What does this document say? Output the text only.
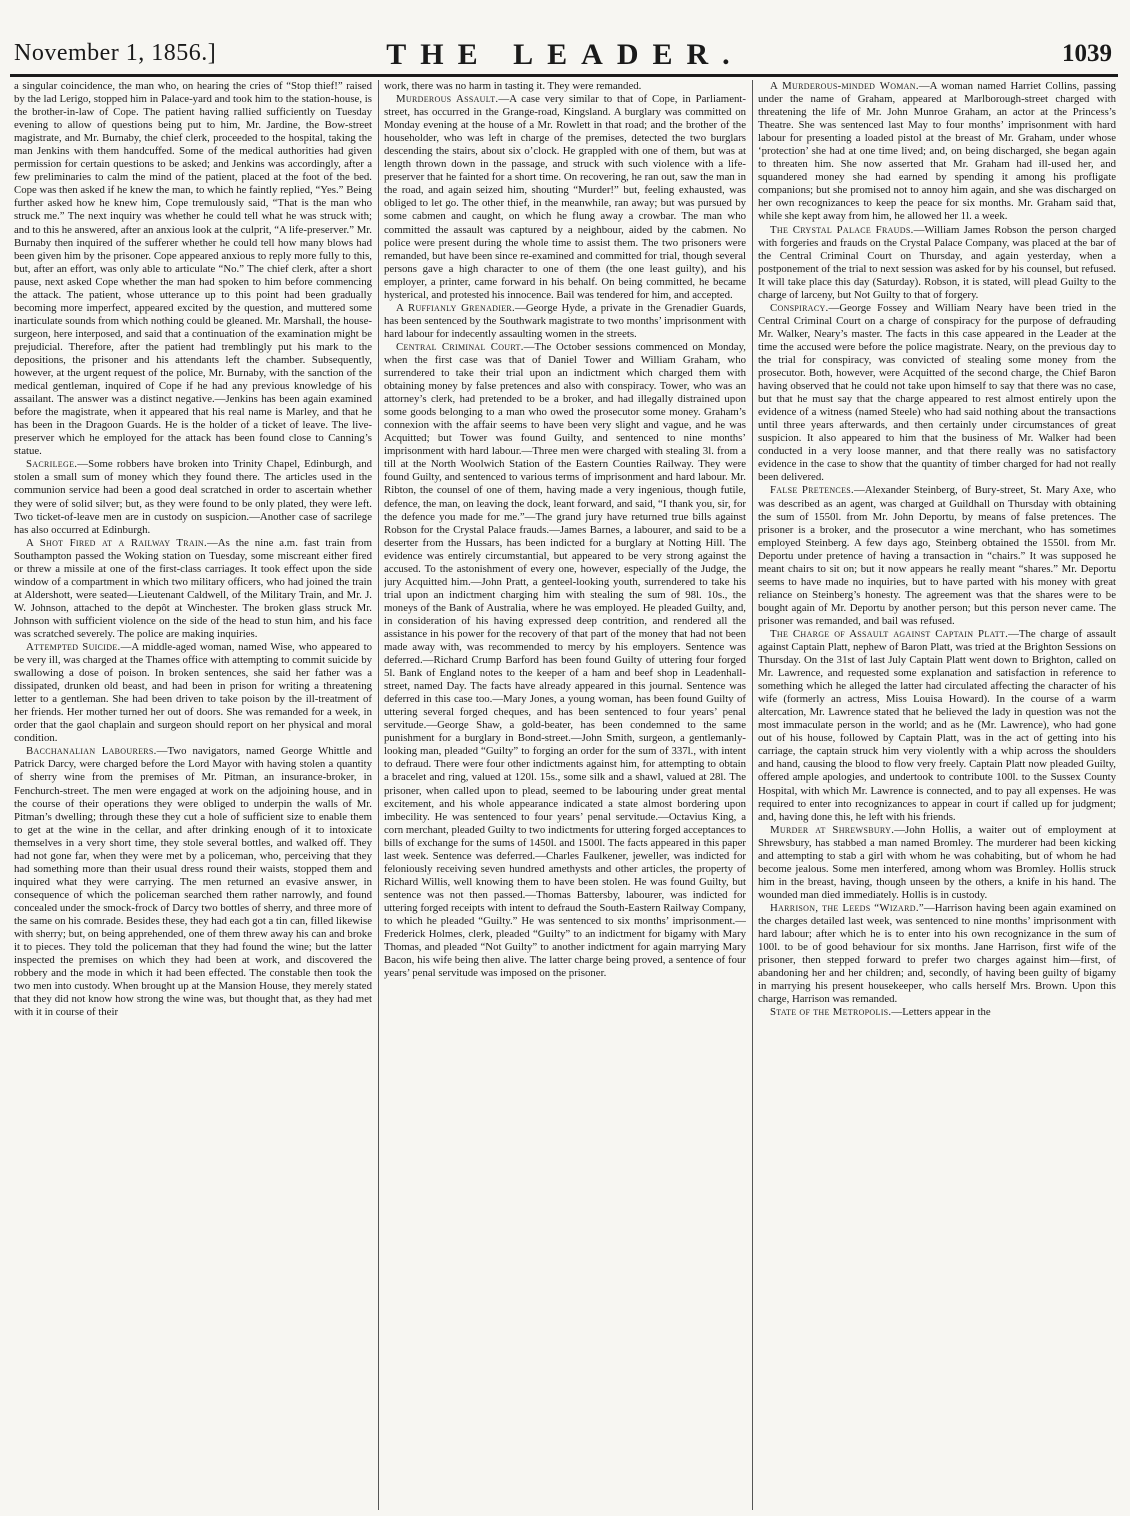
November 1, 1856.]	THE LEADER.	1039

a singular coincidence, the man who, on hearing the cries of “Stop thief!” raised by the lad Lerigo, stopped him in Palace-yard and took him to the station-house, is the brother-in-law of Cope. The patient having rallied sufficiently on Tuesday evening to allow of questions being put to him, Mr. Jardine, the Bow-street magistrate, and Mr. Burnaby, the chief clerk, proceeded to the hospital, taking the man Jenkins with them handcuffed. Some of the medical authorities had given permission for certain questions to be asked; and Jenkins was accordingly, after a few preliminaries to calm the mind of the patient, placed at the foot of the bed. Cope was then asked if he knew the man, to which he faintly replied, “Yes.” Being further asked how he knew him, Cope tremulously said, “That is the man who struck me.” The next inquiry was whether he could tell what he was struck with; and to this he answered, after an anxious look at the culprit, “A life-preserver.” Mr. Burnaby then inquired of the sufferer whether he could tell how many blows had been given him by the prisoner. Cope appeared anxious to reply more fully to this, but, after an effort, was only able to articulate “No.” The chief clerk, after a short pause, next asked Cope whether the man had spoken to him before commencing the attack. The patient, whose utterance up to this point had been gradually becoming more imperfect, appeared excited by the question, and muttered some inarticulate sounds from which nothing could be gleaned. Mr. Marshall, the house-surgeon, here interposed, and said that a continuation of the examination might be prejudicial. Therefore, after the patient had tremblingly put his mark to the depositions, the prisoner and his attendants left the chamber. Subsequently, however, at the urgent request of the police, Mr. Burnaby, with the sanction of the medical gentleman, inquired of Cope if he had any previous knowledge of his assailant. The answer was a distinct negative.—Jenkins has been again examined before the magistrate, when it appeared that his real name is Marley, and that he has been in the Dragoon Guards. He is the holder of a ticket of leave. The live-preserver which he employed for the attack has been found close to Canning’s statue.

Sacrilege.—Some robbers have broken into Trinity Chapel, Edinburgh, and stolen a small sum of money which they found there. The articles used in the communion service had been a good deal scratched in order to ascertain whether they were of solid silver; but, as they were found to be only plated, they were left. Two ticket-of-leave men are in custody on suspicion.—Another case of sacrilege has also occurred at Edinburgh.

A Shot Fired at a Railway Train.—As the nine a.m. fast train from Southampton passed the Woking station on Tuesday, some miscreant either fired or threw a missile at one of the first-class carriages. It took effect upon the side window of a compartment in which two military officers, who had joined the train at Aldershott, were seated—Lieutenant Caldwell, of the Military Train, and Mr. J. W. Johnson, attached to the depôt at Winchester. The broken glass struck Mr. Johnson with sufficient violence on the side of the head to stun him, and his face was scratched severely. The police are making inquiries.

Attempted Suicide.—A middle-aged woman, named Wise, who appeared to be very ill, was charged at the Thames office with attempting to commit suicide by swallowing a dose of poison. In broken sentences, she said her father was a dissipated, drunken old beast, and had been in prison for writing a threatening letter to a gentleman. She had been driven to take poison by the ill-treatment of her friends. Her mother turned her out of doors. She was remanded for a week, in order that the gaol chaplain and surgeon should report on her physical and moral condition.

Bacchanalian Labourers.—Two navigators, named George Whittle and Patrick Darcy, were charged before the Lord Mayor with having stolen a quantity of sherry wine from the premises of Mr. Pitman, an insurance-broker, in Fenchurch-street. The men were engaged at work on the adjoining house, and in the course of their operations they were obliged to underpin the walls of Mr. Pitman’s dwelling; through these they cut a hole of sufficient size to enable them to get at the wine in the cellar, and after drinking enough of it to intoxicate themselves in a very short time, they stole several bottles, and walked off. They had not gone far, when they were met by a policeman, who, perceiving that they had something more than their usual dress round their waists, stopped them and inquired what they were carrying. The men returned an evasive answer, in consequence of which the policeman searched them rather narrowly, and found concealed under the smock-frock of Darcy two bottles of sherry, and three more of the same on his comrade. Besides these, they had each got a tin can, filled likewise with sherry; but, on being apprehended, one of them threw away his can and broke it to pieces. They told the policeman that they had found the wine; but the latter inspected the premises on which they had been at work, and discovered the robbery and the mode in which it had been effected. The constable then took the two men into custody. When brought up at the Mansion House, they merely stated that they did not know how strong the wine was, but thought that, as they had met with it in course of their

work, there was no harm in tasting it. They were remanded.

Murderous Assault.—A case very similar to that of Cope, in Parliament-street, has occurred in the Grange-road, Kingsland. A burglary was committed on Monday evening at the house of a Mr. Rowlett in that road; and the brother of the householder, who was left in charge of the premises, detected the two burglars descending the stairs, about six o’clock. He grappled with one of them, but was at length thrown down in the passage, and struck with such violence with a life-preserver that he fainted for a short time. On recovering, he ran out, saw the man in the road, and again seized him, shouting “Murder!” but, feeling exhausted, was obliged to let go. The other thief, in the meanwhile, ran away; but was pursued by some cabmen and caught, on which he flung away a crowbar. The man who committed the assault was captured by a neighbour, aided by the cabmen. No police were present during the whole time to assist them. The two prisoners were remanded, but have been since re-examined and committed for trial, though several persons gave a high character to one of them (the one least guilty), and his employer, a printer, came forward in his behalf. On being committed, he became hysterical, and protested his innocence. Bail was tendered for him, and accepted.

A Ruffianly Grenadier.—George Hyde, a private in the Grenadier Guards, has been sentenced by the Southwark magistrate to two months’ imprisonment with hard labour for indecently assaulting women in the streets.

Central Criminal Court.—The October sessions commenced on Monday, when the first case was that of Daniel Tower and William Graham, who surrendered to take their trial upon an indictment which charged them with obtaining money by false pretences and also with conspiracy. Tower, who was an attorney’s clerk, had pretended to be a broker, and had illegally distrained upon some goods belonging to a man who owed the prosecutor some money. Graham’s connexion with the affair seems to have been very slight and vague, and he was Acquitted; but Tower was found Guilty, and sentenced to nine months’ imprisonment with hard labour.—Three men were charged with stealing 3l. from a till at the North Woolwich Station of the Eastern Counties Railway. They were found Guilty, and sentenced to various terms of imprisonment and hard labour. Mr. Ribton, the counsel of one of them, having made a very ingenious, though futile, defence, the man, on leaving the dock, leant forward, and said, “I thank you, sir, for the defence you made for me.”—The grand jury have returned true bills against Robson for the Crystal Palace frauds.—James Barnes, a labourer, and said to be a deserter from the Hussars, has been indicted for a burglary at Notting Hill. The evidence was entirely circumstantial, but appeared to be very strong against the accused. To the astonishment of every one, however, especially of the Judge, the jury Acquitted him.—John Pratt, a genteel-looking youth, surrendered to take his trial upon an indictment charging him with stealing the sum of 98l. 10s., the moneys of the Bank of Australia, where he was employed. He pleaded Guilty, and, in consideration of his having expressed deep contrition, and rendered all the assistance in his power for the recovery of that part of the money that had not been made away with, was recommended to mercy by his employers. Sentence was deferred.—Richard Crump Barford has been found Guilty of uttering four forged 5l. Bank of England notes to the keeper of a ham and beef shop in Leadenhall-street, named Day. The facts have already appeared in this journal. Sentence was deferred in this case too.—Mary Jones, a young woman, has been found Guilty of uttering several forged cheques, and has been sentenced to four years’ penal servitude.—George Shaw, a gold-beater, has been condemned to the same punishment for a burglary in Bond-street.—John Smith, surgeon, a gentlemanly-looking man, pleaded “Guilty” to forging an order for the sum of 337l., with intent to defraud. There were four other indictments against him, for attempting to obtain a bracelet and ring, valued at 120l. 15s., some silk and a shawl, valued at 28l. The prisoner, when called upon to plead, seemed to be labouring under great mental excitement, and his whole appearance indicated a state almost bordering upon imbecility. He was sentenced to four years’ penal servitude.—Octavius King, a corn merchant, pleaded Guilty to two indictments for uttering forged acceptances to bills of exchange for the sums of 1450l. and 1500l. The facts appeared in this paper last week. Sentence was deferred.—Charles Faulkener, jeweller, was indicted for feloniously receiving seven hundred amethysts and other articles, the property of Richard Willis, well knowing them to have been stolen. He was found Guilty, but sentence was not then passed.—Thomas Battersby, labourer, was indicted for uttering forged receipts with intent to defraud the South-Eastern Railway Company, to which he pleaded “Guilty.” He was sentenced to six months’ imprisonment.—Frederick Holmes, clerk, pleaded “Guilty” to an indictment for bigamy with Mary Thomas, and pleaded “Not Guilty” to another indictment for again marrying Mary Bacon, his wife being then alive. The latter charge being proved, a sentence of four years’ penal servitude was imposed on the prisoner.

A Murderous-minded Woman.—A woman named Harriet Collins, passing under the name of Graham, appeared at Marlborough-street charged with threatening the life of Mr. John Munroe Graham, an actor at the Princess’s Theatre. She was sentenced last May to four months’ imprisonment with hard labour for presenting a loaded pistol at the breast of Mr. Graham, under whose ‘protection’ she had at one time lived; and, on being discharged, she began again to threaten him. She now asserted that Mr. Graham had ill-used her, and squandered money she had earned by spending it among his profligate companions; but she promised not to annoy him again, and she was discharged on her own recognizances to keep the peace for six months. Mr. Graham said that, while she kept away from him, he allowed her 1l. a week.

The Crystal Palace Frauds.—William James Robson the person charged with forgeries and frauds on the Crystal Palace Company, was placed at the bar of the Central Criminal Court on Thursday, and again yesterday, when a postponement of the trial to next session was asked for by his counsel, but refused. It will take place this day (Saturday). Robson, it is stated, will plead Guilty to the charge of larceny, but Not Guilty to that of forgery.

Conspiracy.—George Fossey and William Neary have been tried in the Central Criminal Court on a charge of conspiracy for the purpose of defrauding Mr. Walker, Neary’s master. The facts in this case appeared in the Leader at the time the accused were before the police magistrate. Neary, on the previous day to the trial for conspiracy, was convicted of stealing some money from the prosecutor. Both, however, were Acquitted of the second charge, the Chief Baron having observed that he could not take upon himself to say that there was no case, but that he must say that the charge appeared to rest almost entirely upon the evidence of a witness (named Steele) who had said nothing about the transactions until three years afterwards, and then certainly under circumstances of great suspicion. It also appeared to him that the business of Mr. Walker had been conducted in a very loose manner, and that there really was no satisfactory evidence in the case to show that the quantity of timber charged for had not really been delivered.

False Pretences.—Alexander Steinberg, of Bury-street, St. Mary Axe, who was described as an agent, was charged at Guildhall on Thursday with obtaining the sum of 1550l. from Mr. John Deportu, by means of false pretences. The prisoner is a broker, and the prosecutor a wine merchant, who has sometimes employed Steinberg. A few days ago, Steinberg obtained the 1550l. from Mr. Deportu under pretence of having a transaction in “chairs.” It was supposed he meant chairs to sit on; but it now appears he really meant “shares.” Mr. Deportu seems to have made no inquiries, but to have parted with his money with great reliance on Steinberg’s honesty. The agreement was that the shares were to be bought again of Mr. Deportu by another person; but this person never came. The prisoner was remanded, and bail was refused.

The Charge of Assault against Captain Platt.—The charge of assault against Captain Platt, nephew of Baron Platt, was tried at the Brighton Sessions on Thursday. On the 31st of last July Captain Platt went down to Brighton, called on Mr. Lawrence, and requested some explanation and satisfaction in reference to something which he alleged the latter had circulated affecting the character of his wife (formerly an actress, Miss Louisa Howard). In the course of a warm altercation, Mr. Lawrence stated that he believed the lady in question was not the most immaculate person in the world; and as he (Mr. Lawrence), who had gone out of his house, followed by Captain Platt, was in the act of getting into his carriage, the captain struck him very violently with a whip across the shoulders and hand, causing the blood to flow very freely. Captain Platt now pleaded Guilty, offered ample apologies, and undertook to contribute 100l. to the Sussex County Hospital, with which Mr. Lawrence is connected, and to pay all expenses. He was required to enter into recognizances to appear in court if called up for judgment; and, having done this, he left with his friends.

Murder at Shrewsbury.—John Hollis, a waiter out of employment at Shrewsbury, has stabbed a man named Bromley. The murderer had been kicking and attempting to stab a girl with whom he was cohabiting, but of whom he had become jealous. Some men interfered, among whom was Bromley. Hollis struck him in the breast, having, though unseen by the others, a knife in his hand. The wounded man died immediately. Hollis is in custody.

Harrison, the Leeds “Wizard.”—Harrison having been again examined on the charges detailed last week, was sentenced to nine months’ imprisonment with hard labour; after which he is to enter into his own recognizance in the sum of 100l. to be of good behaviour for six months. Jane Harrison, first wife of the prisoner, then stepped forward to prefer two charges against him—first, of abandoning her and her children; and, secondly, of having been guilty of bigamy in marrying his present housekeeper, who calls herself Mrs. Brown. Upon this charge, Harrison was remanded.

State of the Metropolis.—Letters appear in the
